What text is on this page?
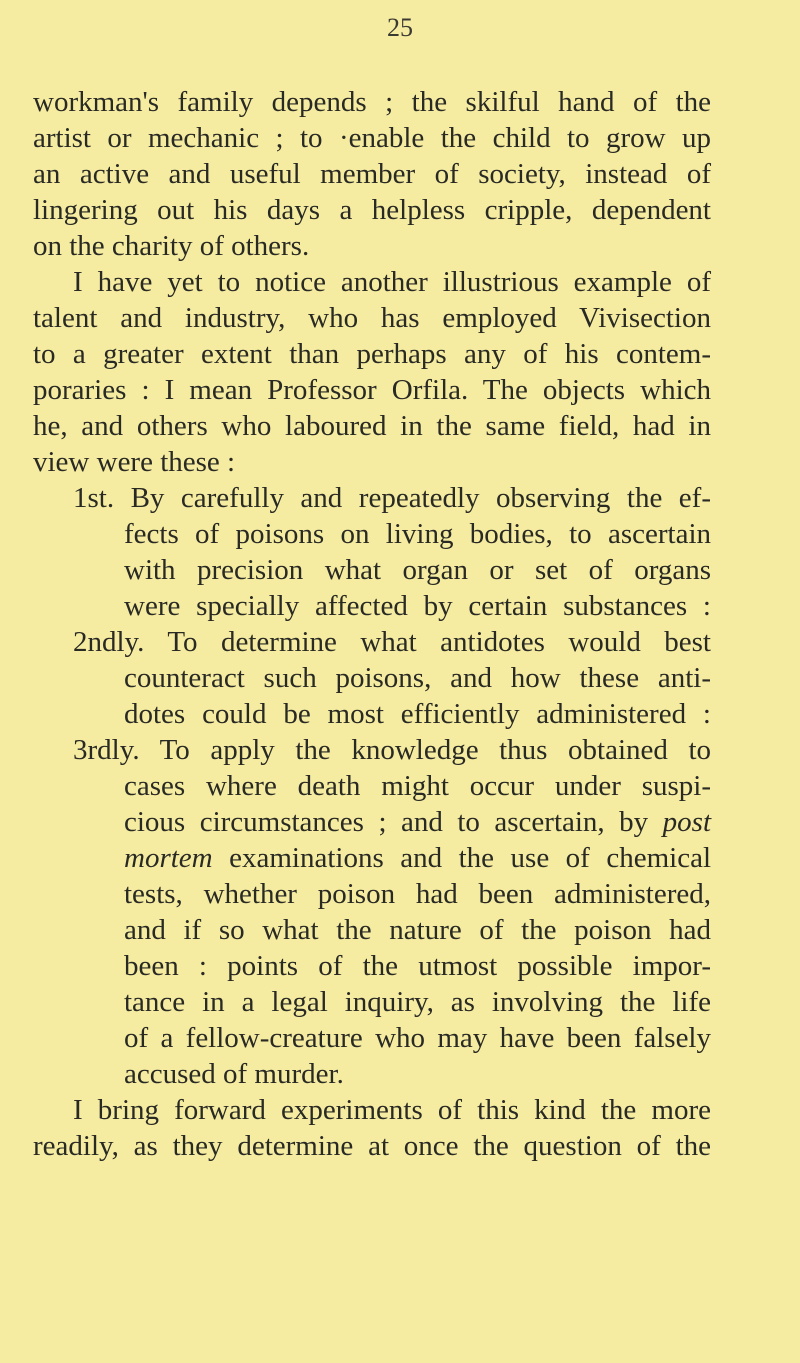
25
workman's family depends ; the skilful hand of the
artist or mechanic ; to ·enable the child to grow up
an active and useful member of society, instead of
lingering out his days a helpless cripple, dependent
on the charity of others.
I have yet to notice another illustrious example of
talent and industry, who has employed Vivisection
to a greater extent than perhaps any of his contem-
poraries : I mean Professor Orfila. The objects which
he, and others who laboured in the same field, had in
view were these :
1st. By carefully and repeatedly observing the ef-
fects of poisons on living bodies, to ascertain
with precision what organ or set of organs
were specially affected by certain substances :
2ndly. To determine what antidotes would best
counteract such poisons, and how these anti-
dotes could be most efficiently administered :
3rdly. To apply the knowledge thus obtained to
cases where death might occur under suspi-
cious circumstances ; and to ascertain, by post
mortem examinations and the use of chemical
tests, whether poison had been administered,
and if so what the nature of the poison had
been : points of the utmost possible impor-
tance in a legal inquiry, as involving the life
of a fellow-creature who may have been falsely
accused of murder.
I bring forward experiments of this kind the more
readily, as they determine at once the question of the
